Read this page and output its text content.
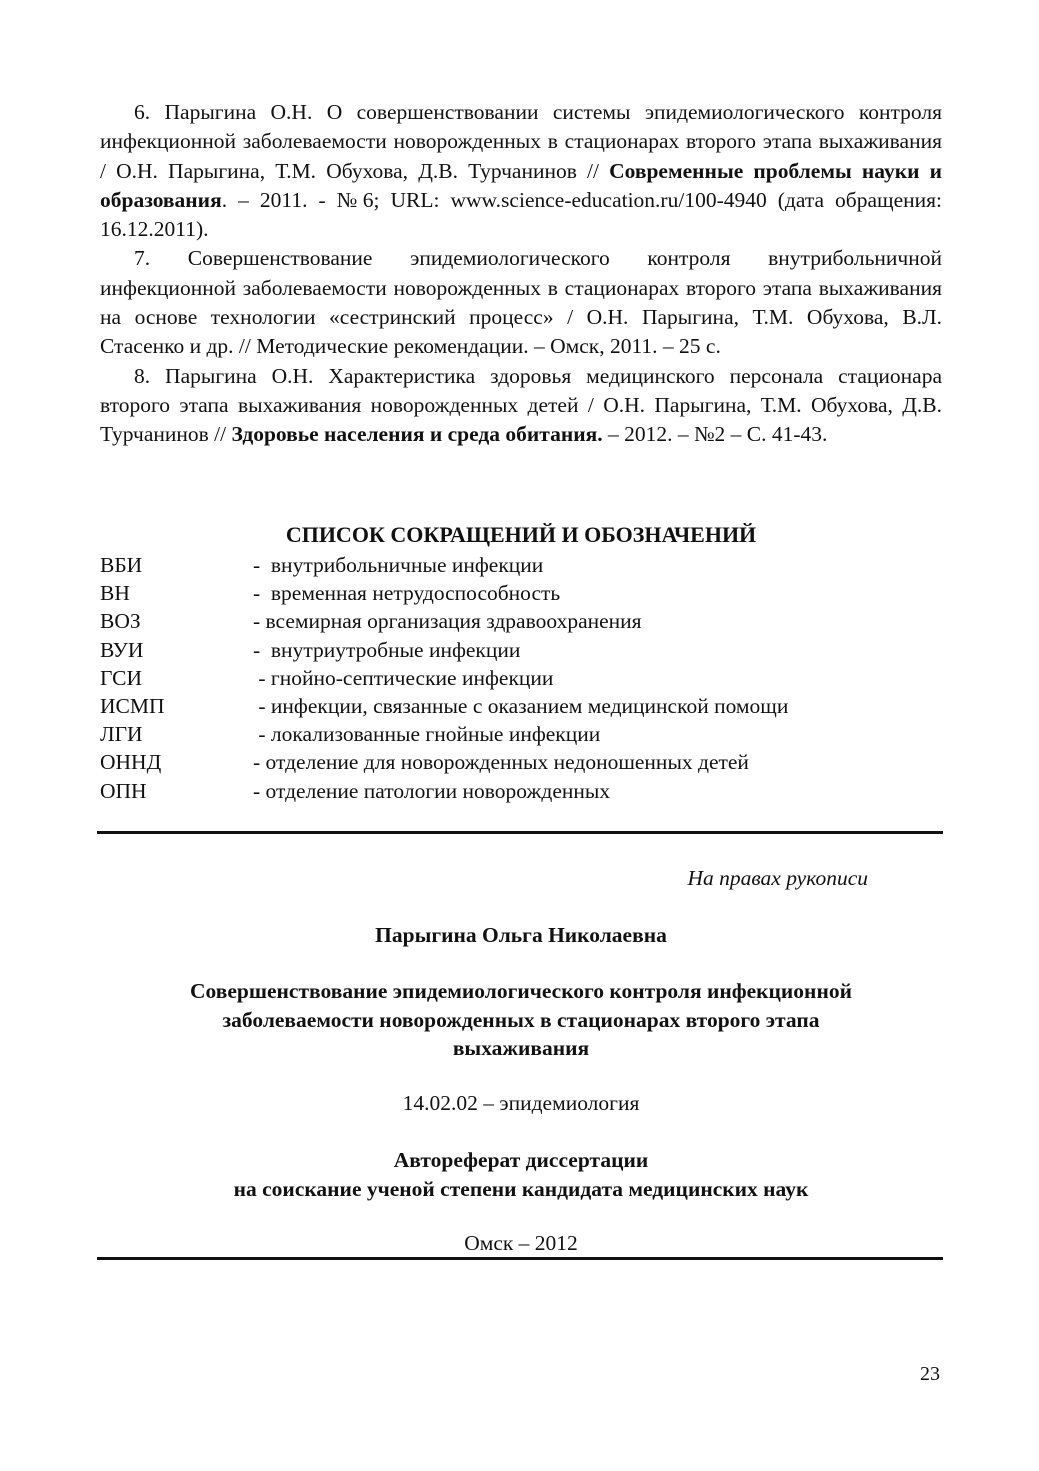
6. Парыгина О.Н. О совершенствовании системы эпидемиологического контроля инфекционной заболеваемости новорожденных в стационарах второго этапа выхаживания / О.Н. Парыгина, Т.М. Обухова, Д.В. Турчанинов // Современные проблемы науки и образования. – 2011. - №6; URL: www.science-education.ru/100-4940 (дата обращения: 16.12.2011).

7. Совершенствование эпидемиологического контроля внутрибольничной инфекционной заболеваемости новорожденных в стационарах второго этапа выхаживания на основе технологии «сестринский процесс» / О.Н. Парыгина, Т.М. Обухова, В.Л. Стасенко и др. // Методические рекомендации. – Омск, 2011. – 25 с.

8. Парыгина О.Н. Характеристика здоровья медицинского персонала стационара второго этапа выхаживания новорожденных детей / О.Н. Парыгина, Т.М. Обухова, Д.В. Турчанинов // Здоровье населения и среда обитания. – 2012. – №2 – С. 41-43.

СПИСОК СОКРАЩЕНИЙ И ОБОЗНАЧЕНИЙ
ВБИ	-  внутрибольничные инфекции
ВН	-  временная нетрудоспособность
ВОЗ	- всемирная организация здравоохранения
ВУИ	-  внутриутробные инфекции
ГСИ	- гнойно-септические инфекции
ИСМП	- инфекции, связанные с оказанием медицинской помощи
ЛГИ	- локализованные гнойные инфекции
ОННД	- отделение для новорожденных недоношенных детей
ОПН	- отделение патологии новорожденных

На правах рукописи

Парыгина Ольга Николаевна

Совершенствование эпидемиологического контроля инфекционной
заболеваемости новорожденных в стационарах второго этапа
выхаживания

14.02.02 – эпидемиология

Автореферат диссертации
на соискание ученой степени кандидата медицинских наук

Омск – 2012

23
